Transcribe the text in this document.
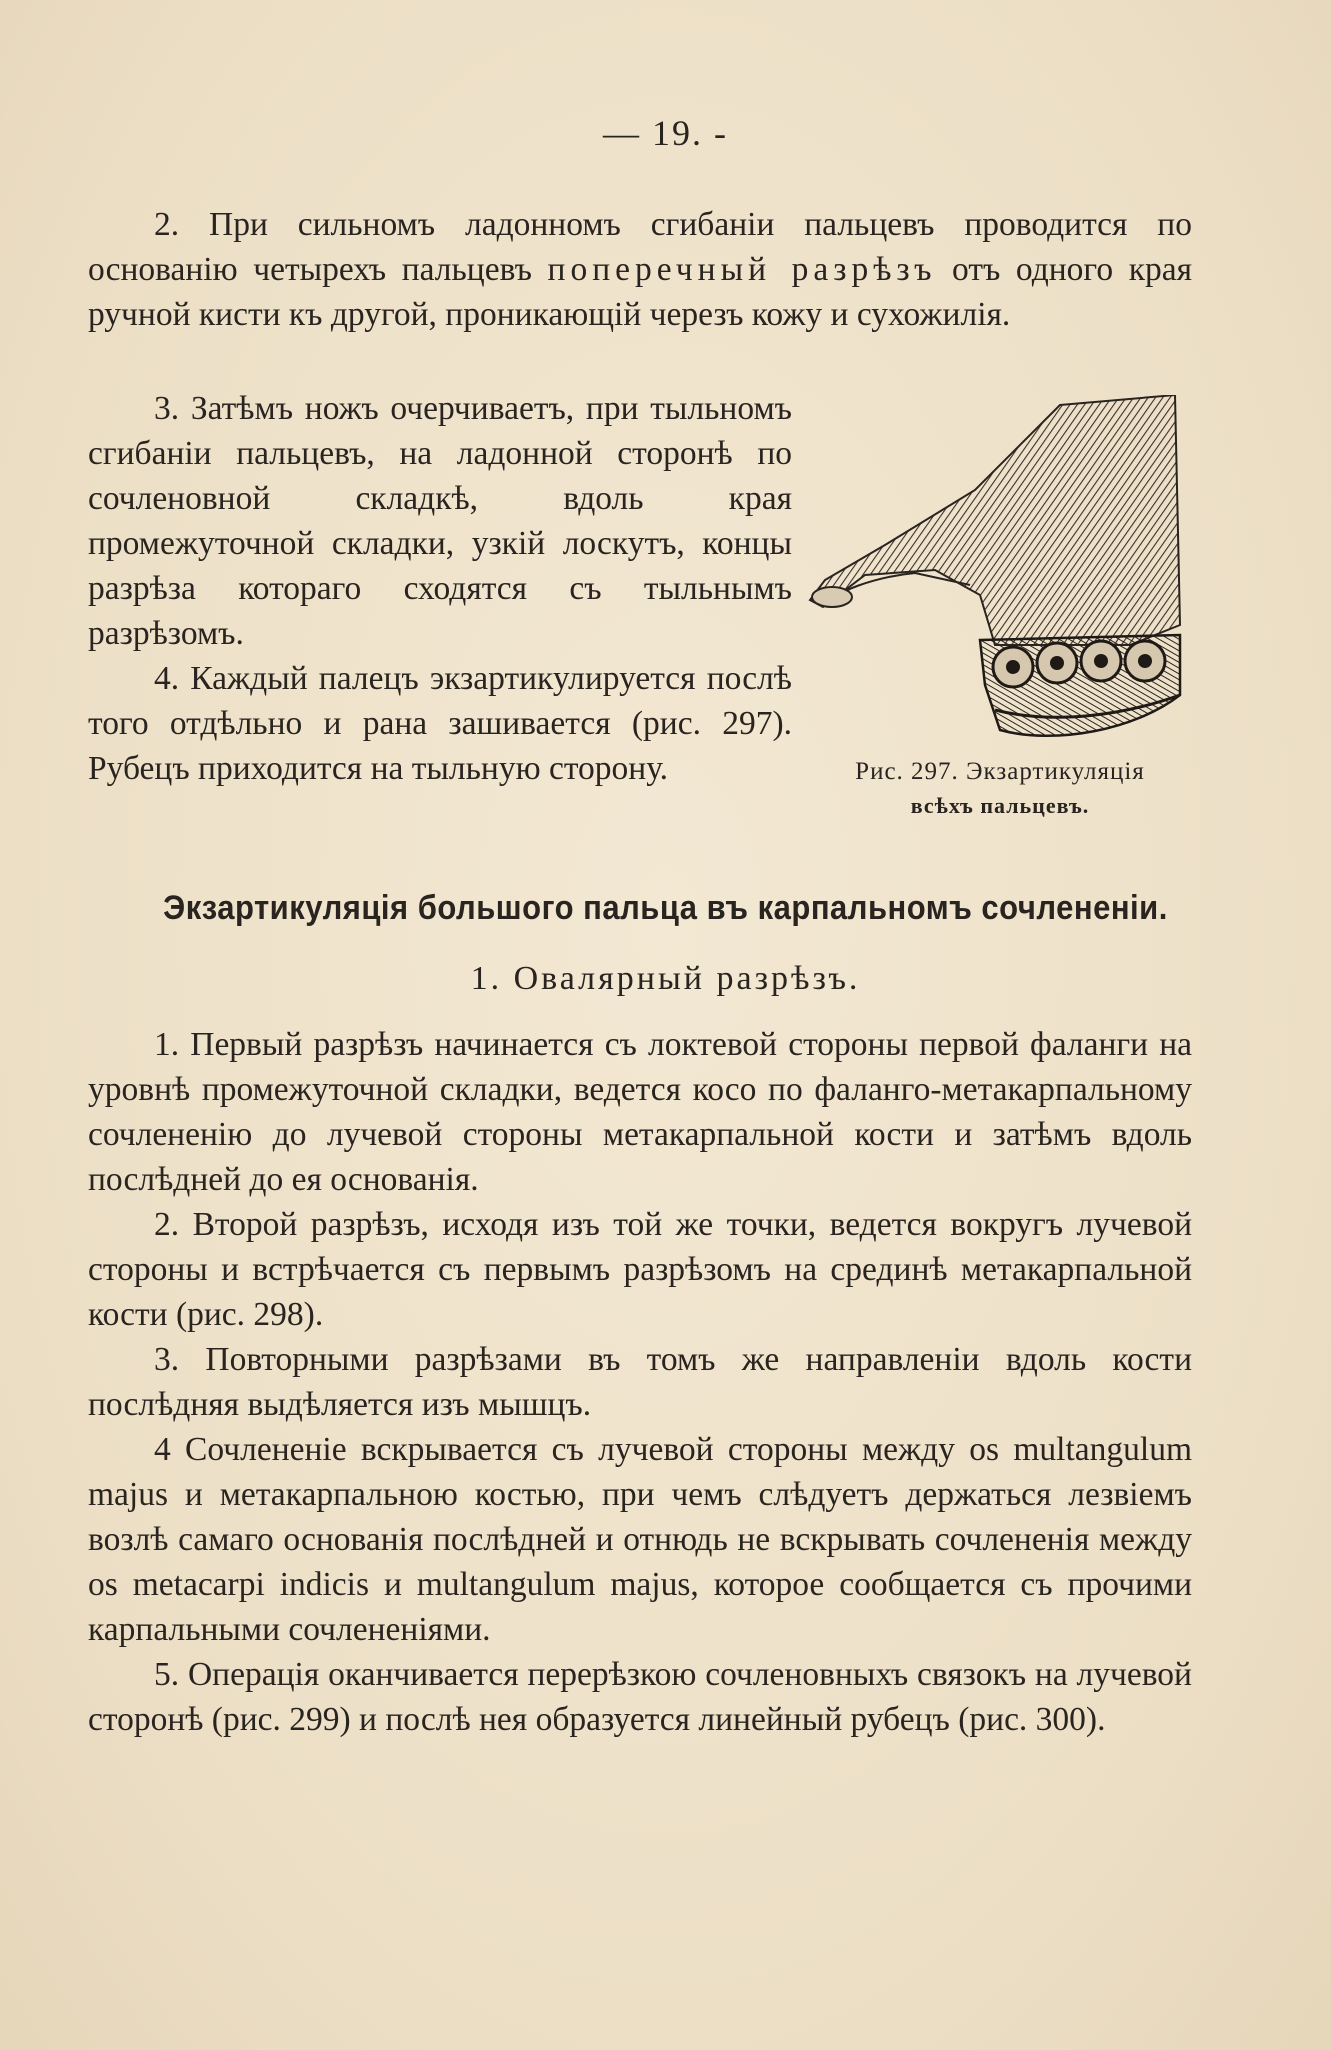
— 19. -

2. При сильномъ ладонномъ сгибанiи пальцевъ проводится по основанiю четырехъ пальцевъ поперечный разрѣзъ отъ одного края ручной кисти къ другой, проникающiй черезъ кожу и сухожилiя.

3. Затѣмъ ножъ очерчиваетъ, при тыльномъ сгибанiи пальцевъ, на ладонной сторонѣ по сочленовной складкѣ, вдоль края промежуточной складки, узкiй лоскутъ, концы разрѣза котораго сходятся съ тыльнымъ разрѣзомъ.

4. Каждый палецъ экзартикулируется послѣ того отдѣльно и рана зашивается (рис. 297). Рубецъ приходится на тыльную сторону.	Рис. 297. Экзартикуляцiя
всѣхъ пальцевъ.
Экзартикуляцiя большого пальца въ карпальномъ сочлененiи.
1. Овалярный разрѣзъ.

1. Первый разрѣзъ начинается съ локтевой стороны первой фаланги на уровнѣ промежуточной складки, ведется косо по фаланго-метакарпальному сочлененiю до лучевой стороны метакарпальной кости и затѣмъ вдоль послѣдней до ея основанiя.

2. Второй разрѣзъ, исходя изъ той же точки, ведется вокругъ лучевой стороны и встрѣчается съ первымъ разрѣзомъ на срединѣ метакарпальной кости (рис. 298).

3. Повторными разрѣзами въ томъ же направленiи вдоль кости послѣдняя выдѣляется изъ мышцъ.

4 Сочлененiе вскрывается съ лучевой стороны между os multangulum majus и метакарпальною костью, при чемъ слѣдуетъ держаться лезвiемъ возлѣ самаго основанiя послѣдней и отнюдь не вскрывать сочлененiя между os metacarpi indicis и multangulum majus, которое сообщается съ прочими карпальными сочлененiями.

5. Операцiя оканчивается перерѣзкою сочленовныхъ связокъ на лучевой сторонѣ (рис. 299) и послѣ нея образуется линейный рубецъ (рис. 300).
